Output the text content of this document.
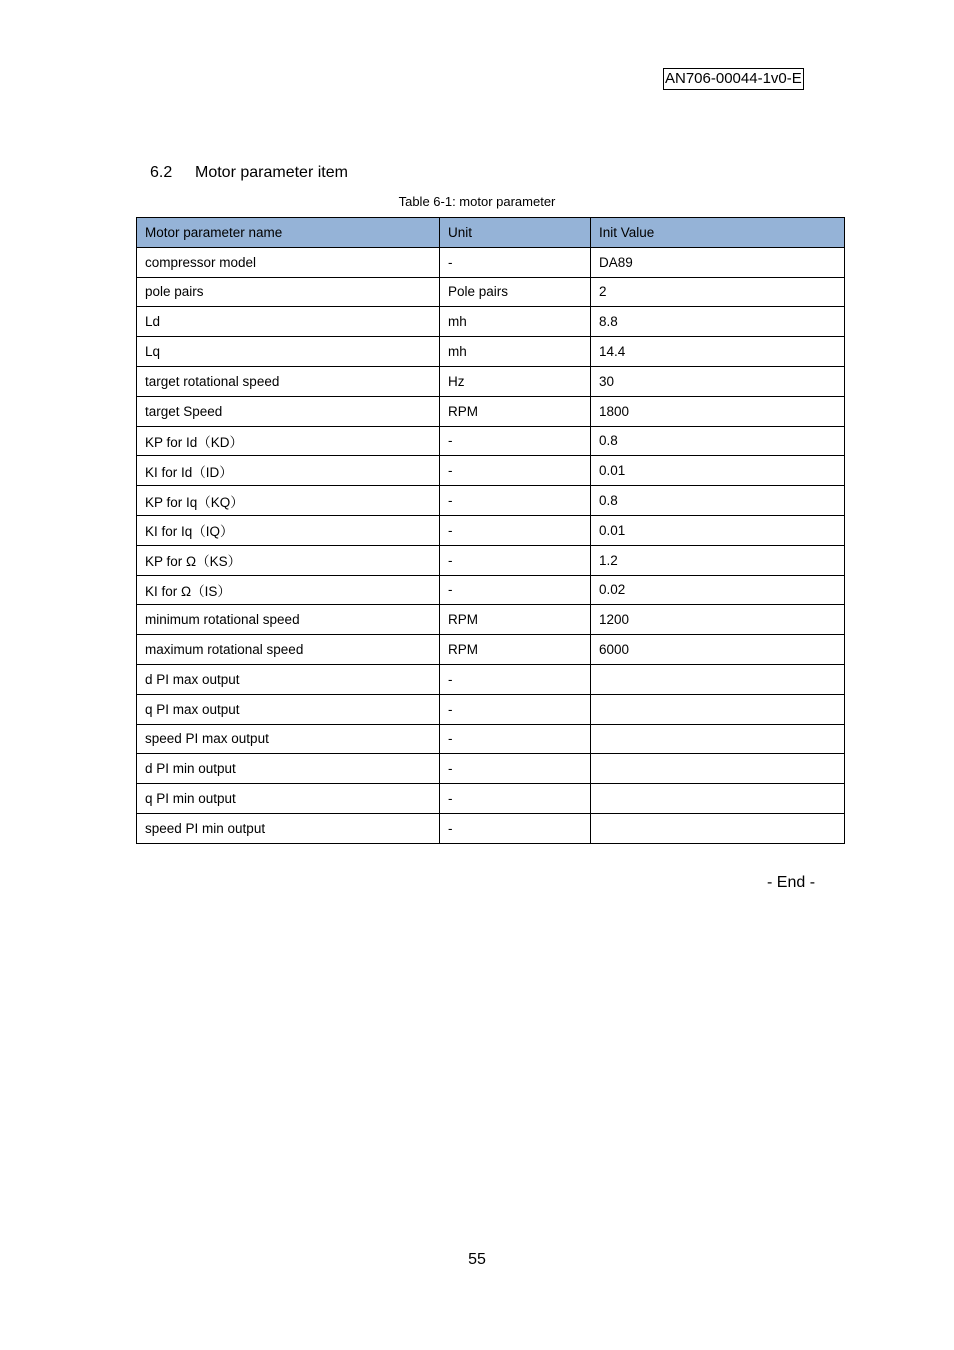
AN706-00044-1v0-E
6.2 Motor parameter item
Table 6-1: motor parameter
Motor parameter name	Unit	Init Value
compressor model	-	DA89
pole pairs	Pole pairs	2
Ld	mh	8.8
Lq	mh	14.4
target rotational speed	Hz	30
target Speed	RPM	1800
KP for Id（KD）	-	0.8
KI for Id（ID）	-	0.01
KP for Iq（KQ）	-	0.8
KI for Iq（IQ）	-	0.01
KP for Ω（KS）	-	1.2
KI for Ω（IS）	-	0.02
minimum rotational speed	RPM	1200
maximum rotational speed	RPM	6000
d PI max output	-	
q PI max output	-	
speed PI max output	-	
d PI min output	-	
q PI min output	-	
speed PI min output	-	
- End -
55
